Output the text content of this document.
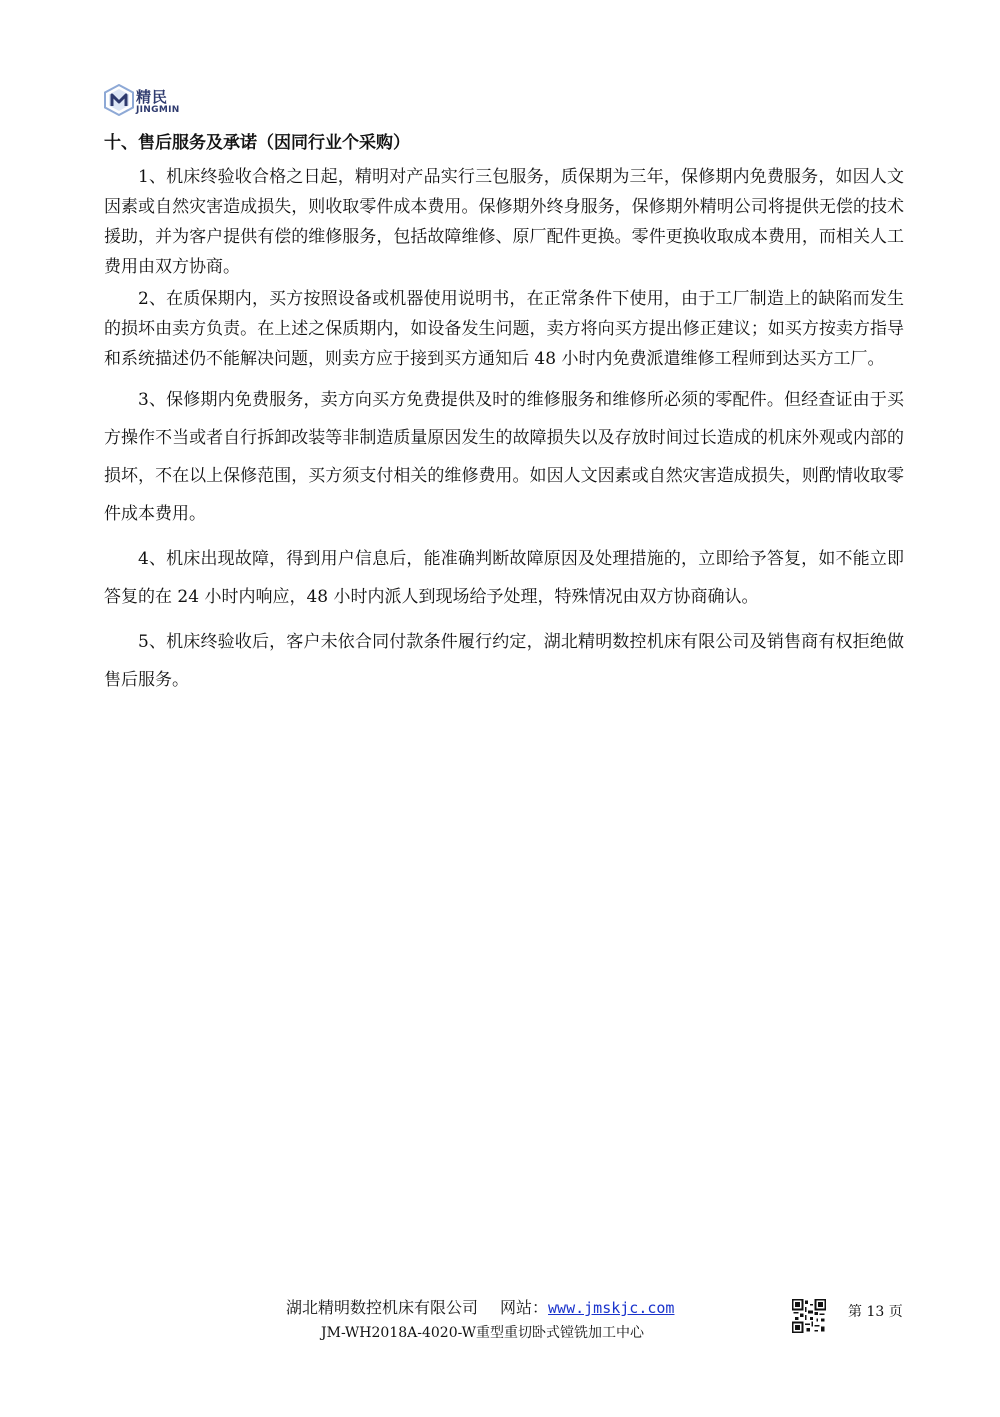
精民
JINGMIN
十、售后服务及承诺（因同行业个采购）

1、机床终验收合格之日起，精明对产品实行三包服务，质保期为三年，保修期内免费服务，如因人文因素或自然灾害造成损失，则收取零件成本费用。保修期外终身服务，保修期外精明公司将提供无偿的技术援助，并为客户提供有偿的维修服务，包括故障维修、原厂配件更换。零件更换收取成本费用，而相关人工费用由双方协商。

2、在质保期内，买方按照设备或机器使用说明书，在正常条件下使用，由于工厂制造上的缺陷而发生的损坏由卖方负责。在上述之保质期内，如设备发生问题，卖方将向买方提出修正建议；如买方按卖方指导和系统描述仍不能解决问题，则卖方应于接到买方通知后 48 小时内免费派遣维修工程师到达买方工厂。

3、保修期内免费服务，卖方向买方免费提供及时的维修服务和维修所必须的零配件。但经查证由于买方操作不当或者自行拆卸改装等非制造质量原因发生的故障损失以及存放时间过长造成的机床外观或内部的损坏，不在以上保修范围，买方须支付相关的维修费用。如因人文因素或自然灾害造成损失，则酌情收取零件成本费用。

4、机床出现故障，得到用户信息后，能准确判断故障原因及处理措施的，立即给予答复，如不能立即答复的在 24 小时内响应，48 小时内派人到现场给予处理，特殊情况由双方协商确认。

5、机床终验收后，客户未依合同付款条件履行约定，湖北精明数控机床有限公司及销售商有权拒绝做售后服务。

湖北精明数控机床有限公司 网站：www.jmskjc.com
JM-WH2018A-4020-W重型重切卧式镗铣加工中心
第 13 页
